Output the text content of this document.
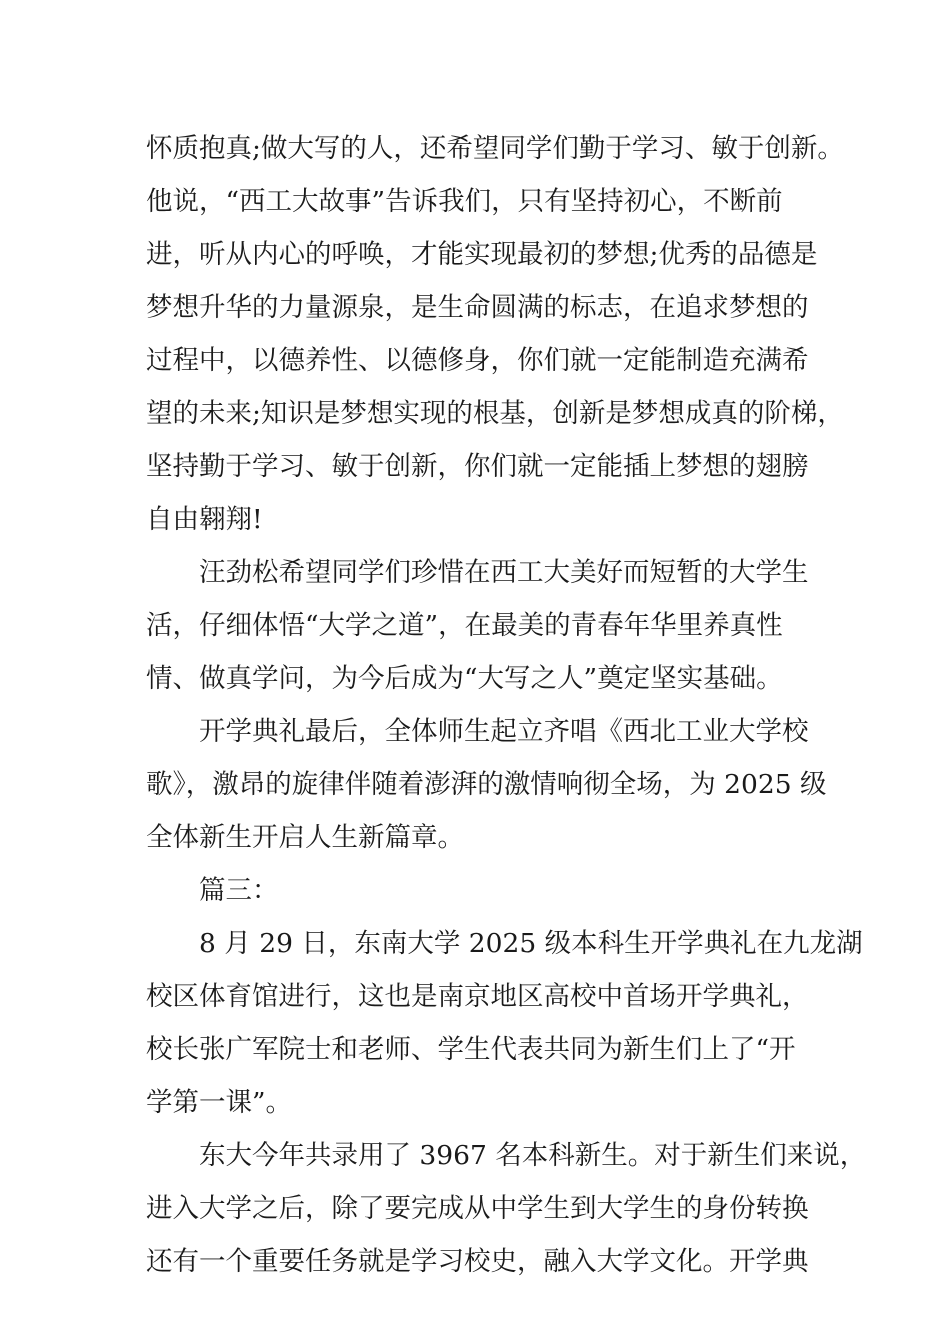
怀质抱真;做大写的人，还希望同学们勤于学习、敏于创新。
他说，“西工大故事”告诉我们，只有坚持初心，不断前
进，听从内心的呼唤，才能实现最初的梦想;优秀的品德是
梦想升华的力量源泉，是生命圆满的标志，在追求梦想的
过程中，以德养性、以德修身，你们就一定能制造充满希
望的未来;知识是梦想实现的根基，创新是梦想成真的阶梯，
坚持勤于学习、敏于创新，你们就一定能插上梦想的翅膀
自由翱翔!
汪劲松希望同学们珍惜在西工大美好而短暂的大学生
活，仔细体悟“大学之道”，在最美的青春年华里养真性
情、做真学问，为今后成为“大写之人”奠定坚实基础。
开学典礼最后，全体师生起立齐唱《西北工业大学校
歌》，激昂的旋律伴随着澎湃的激情响彻全场，为 2025 级
全体新生开启人生新篇章。
篇三：
8 月 29 日，东南大学 2025 级本科生开学典礼在九龙湖
校区体育馆进行，这也是南京地区高校中首场开学典礼，
校长张广军院士和老师、学生代表共同为新生们上了“开
学第一课”。
东大今年共录用了 3967 名本科新生。对于新生们来说，
进入大学之后，除了要完成从中学生到大学生的身份转换
还有一个重要任务就是学习校史，融入大学文化。开学典
